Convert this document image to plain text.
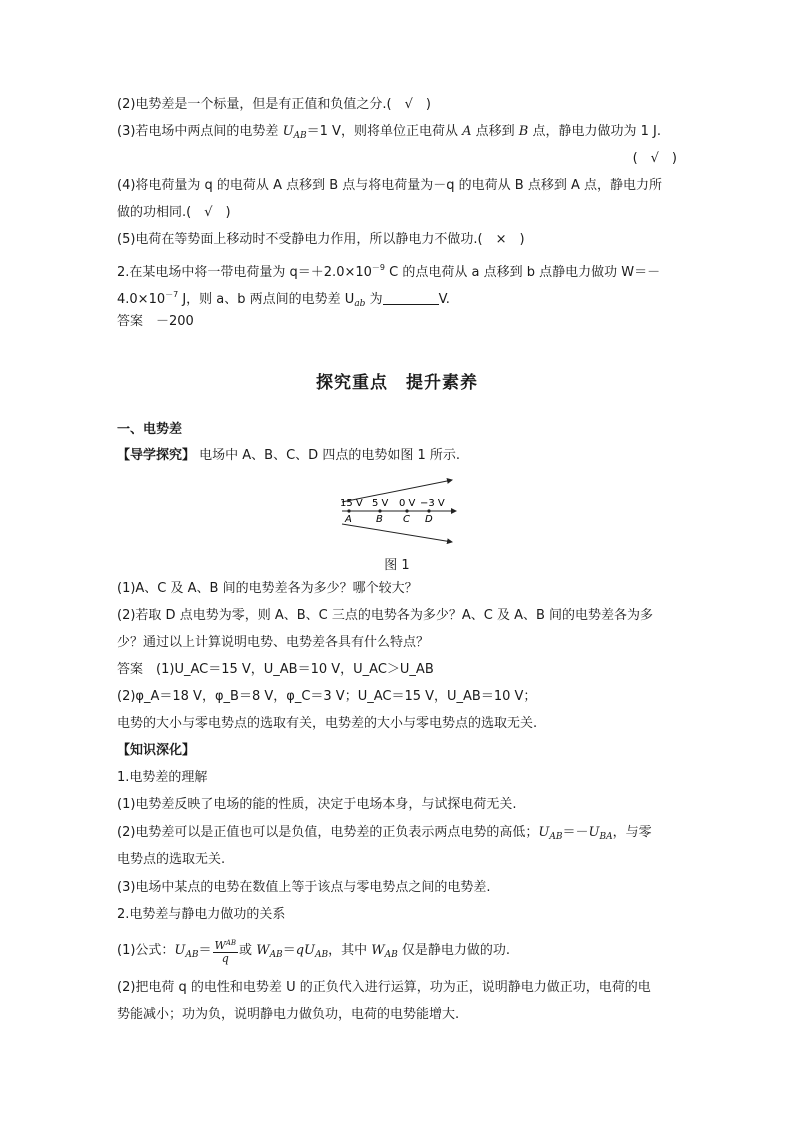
(2)电势差是一个标量，但是有正值和负值之分.(　√　)
(3)若电场中两点间的电势差 $U_{AB}=1$ V，则将单位正电荷从 A 点移到 B 点，静电力做功为 1 J.
(　√　)
(4)将电荷量为 q 的电荷从 A 点移到 B 点与将电荷量为－q 的电荷从 B 点移到 A 点，静电力所
做的功相同.(　√　)
(5)电荷在等势面上移动时不受静电力作用，所以静电力不做功.(　×　)
2.在某电场中将一带电荷量为 $q=+2.0\times 10^{-9}$ C 的点电荷从 a 点移到 b 点静电力做功 W＝－
$4.0\times 10^{-7}$ J，则 a、b 两点间的电势差 $U_{ab}$ 为	V.
答案　－200
探究重点　提升素养
一、电势差
【导学探究】 电场中 A、B、C、D 四点的电势如图 1 所示.
15 V 5 V 0 V −3 V
A B C D
图 1
(1)A、C 及 A、B 间的电势差各为多少？哪个较大？
(2)若取 D 点电势为零，则 A、B、C 三点的电势各为多少？A、C 及 A、B 间的电势差各为多
少？通过以上计算说明电势、电势差各具有什么特点？
答案　 (1)U_AC＝15 V，U_AB＝10 V，U_AC＞U_AB
(2)φ_A＝18 V，φ_B＝8 V，φ_C＝3 V；U_AC＝15 V，U_AB＝10 V；
电势的大小与零电势点的选取有关，电势差的大小与零电势点的选取无关.
【知识深化】
1.电势差的理解
(1)电势差反映了电场的能的性质，决定于电场本身，与试探电荷无关.
(2)电势差可以是正值也可以是负值，电势差的正负表示两点电势的高低；$U_{AB}=-U_{BA}$，与零
电势点的选取无关.
(3)电场中某点的电势在数值上等于该点与零电势点之间的电势差.
2.电势差与静电力做功的关系
(1)公式：$U_{AB}= \frac{W^{AB}}{q}$ 或 $W_{AB}=qU_{AB}$，其中 $W_{AB}$ 仅是静电力做的功.
(2)把电荷 q 的电性和电势差 U 的正负代入进行运算，功为正，说明静电力做正功，电荷的电
势能减小；功为负，说明静电力做负功，电荷的电势能增大.
